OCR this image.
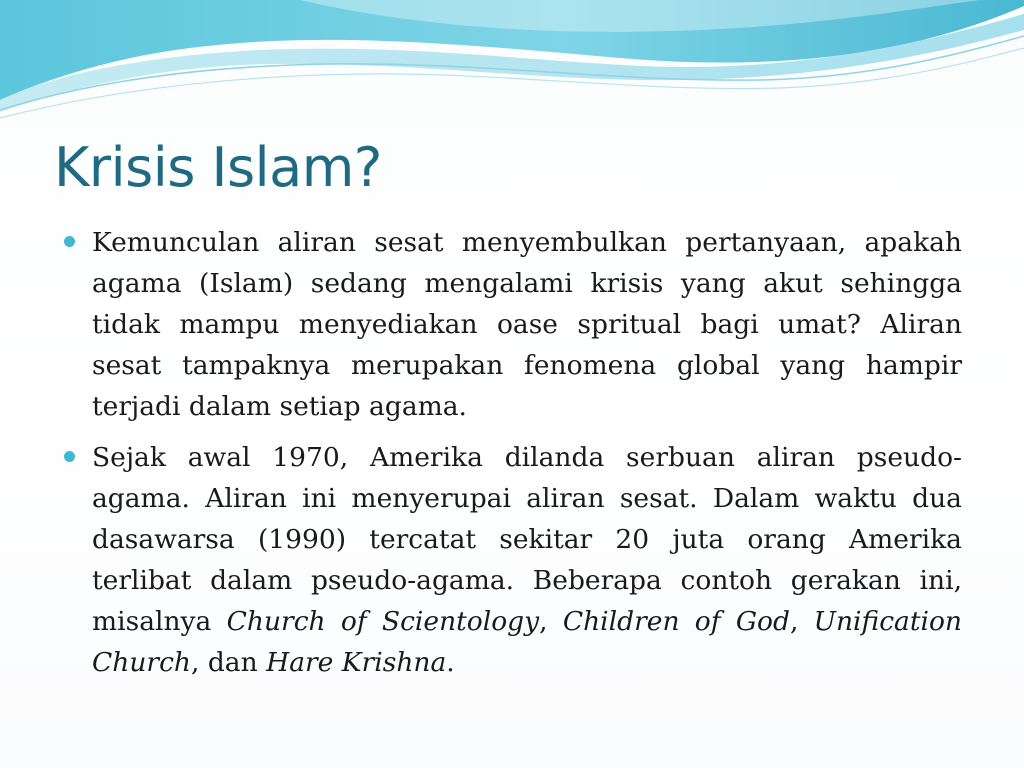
Krisis Islam?
Kemunculan aliran sesat menyembulkan pertanyaan, apakah agama (Islam) sedang mengalami krisis yang akut sehingga tidak mampu menyediakan oase spritual bagi umat? Aliran sesat tampaknya merupakan fenomena global yang hampir terjadi dalam setiap agama.
Sejak awal 1970, Amerika dilanda serbuan aliran pseudo-agama. Aliran ini menyerupai aliran sesat. Dalam waktu dua dasawarsa (1990) tercatat sekitar 20 juta orang Amerika terlibat dalam pseudo-agama. Beberapa contoh gerakan ini, misalnya Church of Scientology, Children of God, Unification Church, dan Hare Krishna.
